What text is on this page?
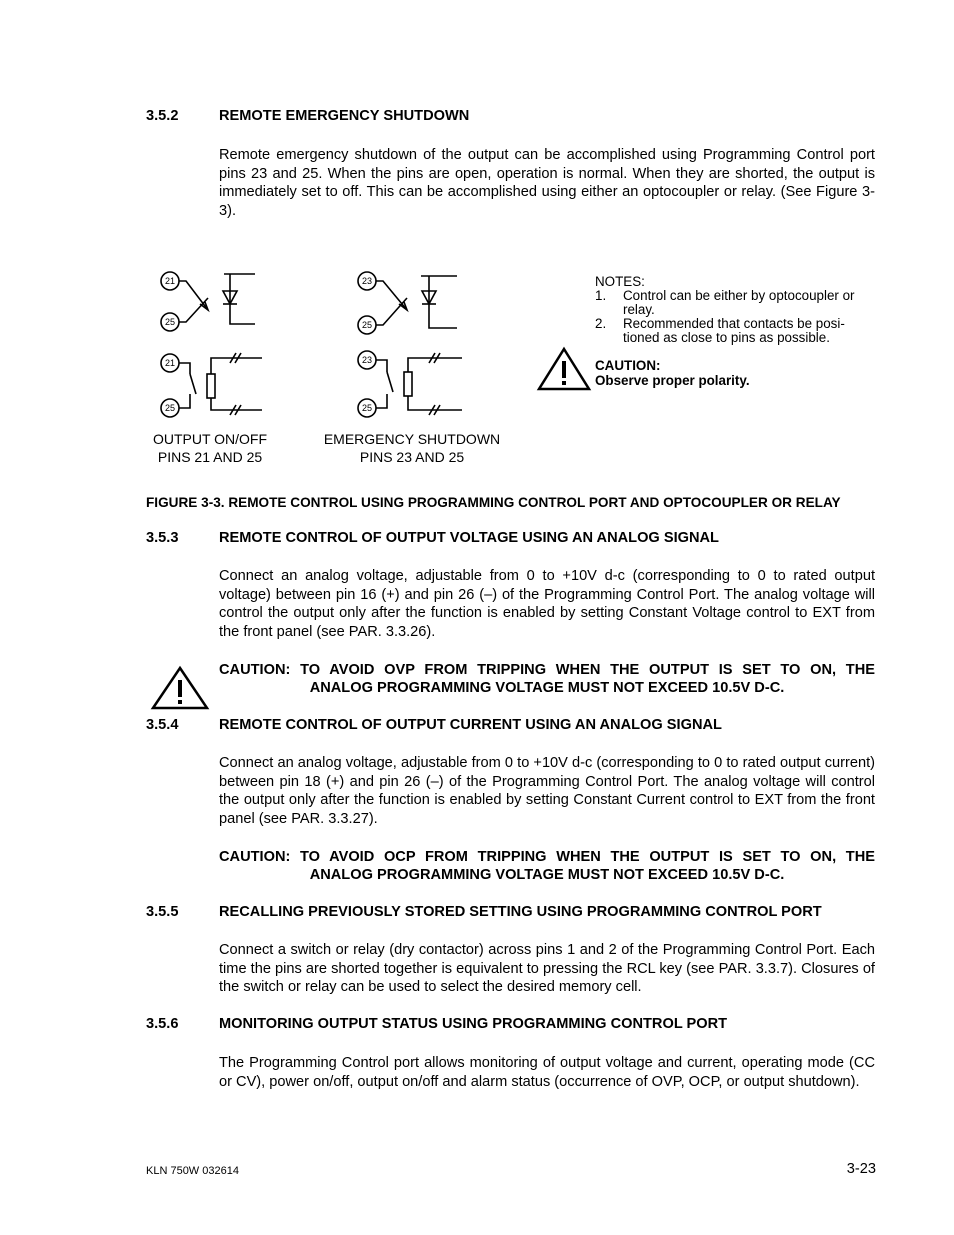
3.5.2	REMOTE EMERGENCY SHUTDOWN
Remote emergency shutdown of the output can be accomplished using Programming Control port pins 23 and 25. When the pins are open, operation is normal. When they are shorted, the output is immediately set to off. This can be accomplished using either an optocoupler or relay. (See Figure 3-3).
21
25
21
25
23
25
23
25
OUTPUT ON/OFF
PINS 21 AND 25
EMERGENCY SHUTDOWN
PINS 23 AND 25
NOTES:
1. Control can be either by optocoupler or relay.
2. Recommended that contacts be posi-tioned as close to pins as possible.
CAUTION:
Observe proper polarity.
FIGURE 3-3. REMOTE CONTROL USING PROGRAMMING CONTROL PORT AND OPTOCOUPLER OR RELAY
3.5.3	REMOTE CONTROL OF OUTPUT VOLTAGE USING AN ANALOG SIGNAL
Connect an analog voltage, adjustable from 0 to +10V d-c (corresponding to 0 to rated output voltage) between pin 16 (+) and pin 26 (–) of the Programming Control Port. The analog voltage will control the output only after the function is enabled by setting Constant Voltage control to EXT from the front panel (see PAR. 3.3.26).
CAUTION: TO AVOID OVP FROM TRIPPING WHEN THE OUTPUT IS SET TO ON, THE
ANALOG PROGRAMMING VOLTAGE MUST NOT EXCEED 10.5V D-C.
3.5.4	REMOTE CONTROL OF OUTPUT CURRENT USING AN ANALOG SIGNAL
Connect an analog voltage, adjustable from 0 to +10V d-c (corresponding to 0 to rated output current) between pin 18 (+) and pin 26 (–) of the Programming Control Port. The analog voltage will control the output only after the function is enabled by setting Constant Current control to EXT from the front panel (see PAR. 3.3.27).
CAUTION: TO AVOID OCP FROM TRIPPING WHEN THE OUTPUT IS SET TO ON, THE
ANALOG PROGRAMMING VOLTAGE MUST NOT EXCEED 10.5V D-C.
3.5.5	RECALLING PREVIOUSLY STORED SETTING USING PROGRAMMING CONTROL PORT
Connect a switch or relay (dry contactor) across pins 1 and 2 of the Programming Control Port. Each time the pins are shorted together is equivalent to pressing the RCL key (see PAR. 3.3.7). Closures of the switch or relay can be used to select the desired memory cell.
3.5.6	MONITORING OUTPUT STATUS USING PROGRAMMING CONTROL PORT
The Programming Control port allows monitoring of output voltage and current, operating mode (CC or CV), power on/off, output on/off and alarm status (occurrence of OVP, OCP, or output shutdown).
KLN 750W 032614	3-23
